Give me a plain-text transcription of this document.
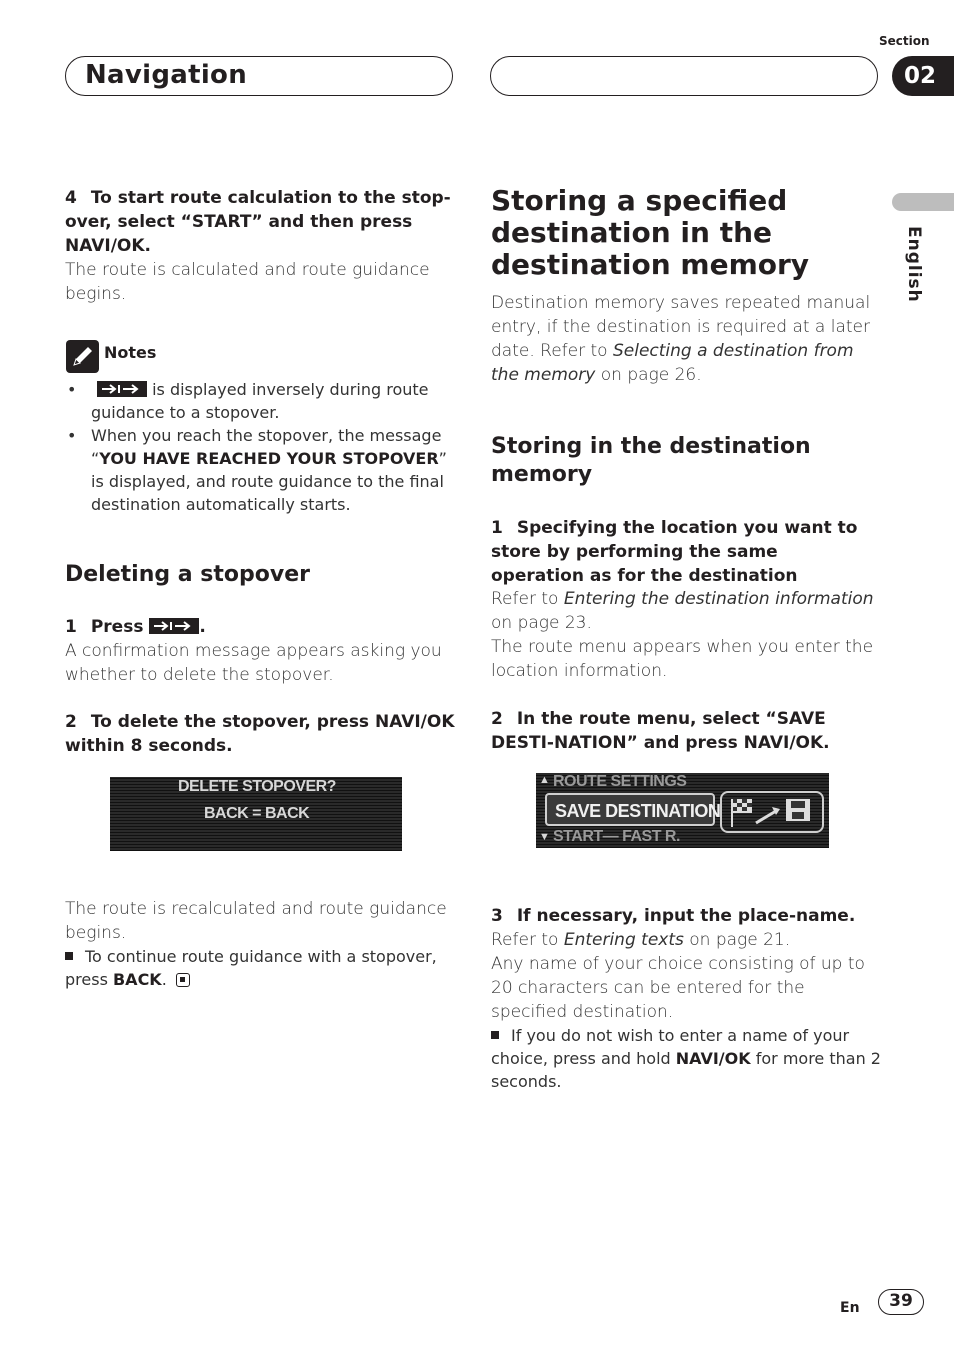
Navigation
Section
02
English
4 To start route calculation to the stop-over, select “START” and then press NAVI/OK.
The route is calculated and route guidance begins.
Notes
•	is displayed inversely during route guidance to a stopover.
• When you reach the stopover, the message “YOU HAVE REACHED YOUR STOPOVER” is displayed, and route guidance to the final destination automatically starts.
Deleting a stopover
1 Press	.
A confirmation message appears asking you whether to delete the stopover.
2 To delete the stopover, press NAVI/OK within 8 seconds.
DELETE STOPOVER?
BACK = BACK
The route is recalculated and route guidance begins.
To continue route guidance with a stopover, press BACK.
Storing a specified destination in the destination memory
Destination memory saves repeated manual entry, if the destination is required at a later date. Refer to Selecting a destination from the memory on page 26.
Storing in the destination memory
1 Specifying the location you want to store by performing the same operation as for the destination
Refer to Entering the destination information on page 23.
The route menu appears when you enter the location information.
2 In the route menu, select “SAVE DESTI-NATION” and press NAVI/OK.
▲ ROUTE SETTINGS
SAVE DESTINATION
▼ START— FAST R.
3 If necessary, input the place-name.
Refer to Entering texts on page 21.
Any name of your choice consisting of up to 20 characters can be entered for the specified destination.
If you do not wish to enter a name of your choice, press and hold NAVI/OK for more than 2 seconds.
En	39
